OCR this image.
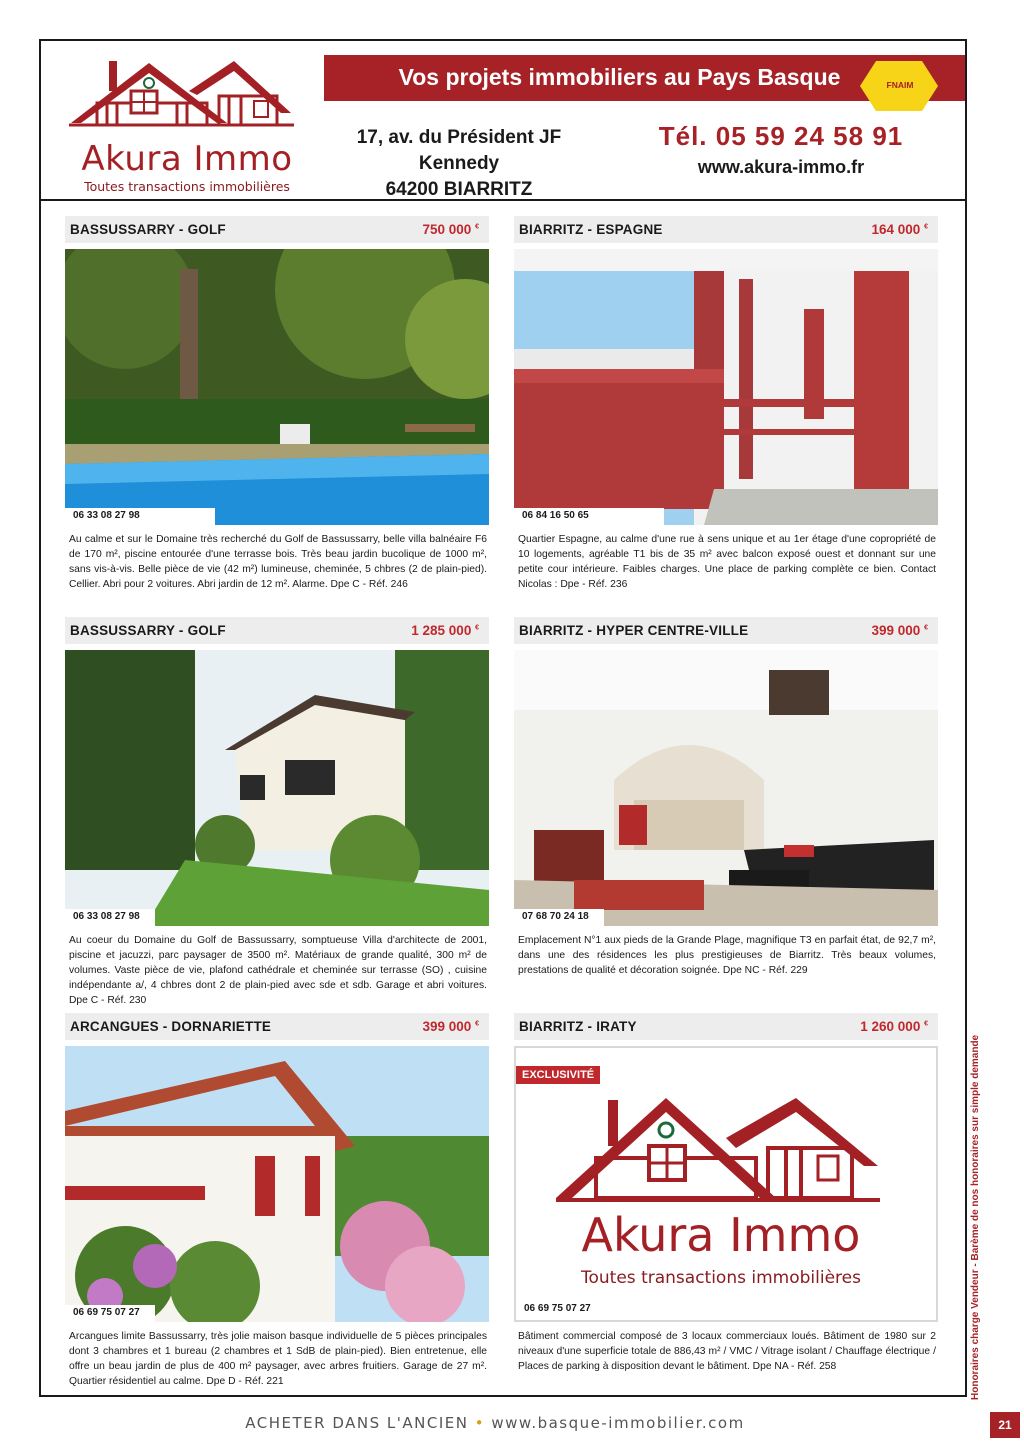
Akura Immo
Toutes transactions immobilières
Vos projets immobiliers au Pays Basque	FNAIM
17, av. du Président JF Kennedy
64200 BIARRITZ
Tél. 05 59 24 58 91
www.akura-immo.fr
BASSUSSARRY - GOLF	750 000 €
06 33 08 27 98
Au calme et sur le Domaine très recherché du Golf de Bassussarry, belle villa balnéaire F6 de 170 m², piscine entourée d'une terrasse bois. Très beau jardin bucolique de 1000 m², sans vis-à-vis. Belle pièce de vie (42 m²) lumineuse, cheminée, 5 chbres (2 de plain-pied). Cellier. Abri pour 2 voitures. Abri jardin de 12 m². Alarme. Dpe C - Réf. 246
BIARRITZ - ESPAGNE	164 000 €
06 84 16 50 65
Quartier Espagne, au calme d'une rue à sens unique et au 1er étage d'une copropriété de 10 logements, agréable T1 bis de 35 m² avec balcon exposé ouest et donnant sur une petite cour intérieure. Faibles charges. Une place de parking complète ce bien. Contact Nicolas : Dpe - Réf. 236
BASSUSSARRY - GOLF	1 285 000 €
06 33 08 27 98
Au coeur du Domaine du Golf de Bassussarry, somptueuse Villa d'architecte de 2001, piscine et jacuzzi, parc paysager de 3500 m². Matériaux de grande qualité, 300 m² de volumes. Vaste pièce de vie, plafond cathédrale et cheminée sur terrasse (SO) , cuisine indépendante a/, 4 chbres dont 2 de plain-pied avec sde et sdb. Garage et abri voitures. Dpe C - Réf. 230
BIARRITZ - HYPER CENTRE-VILLE	399 000 €
07 68 70 24 18
Emplacement N°1 aux pieds de la Grande Plage, magnifique T3 en parfait état, de 92,7 m², dans une des résidences les plus prestigieuses de Biarritz. Très beaux volumes, prestations de qualité et décoration soignée. Dpe NC - Réf. 229
ARCANGUES - DORNARIETTE	399 000 €
06 69 75 07 27
Arcangues limite Bassussarry, très jolie maison basque individuelle de 5 pièces principales dont 3 chambres et 1 bureau (2 chambres et 1 SdB de plain-pied). Bien entretenue, elle offre un beau jardin de plus de 400 m² paysager, avec arbres fruitiers. Garage de 27 m². Quartier résidentiel au calme. Dpe D - Réf. 221
BIARRITZ - IRATY	1 260 000 €
EXCLUSIVITÉ
Akura Immo
Toutes transactions immobilières
06 69 75 07 27
Bâtiment commercial composé de 3 locaux commerciaux loués. Bâtiment de 1980 sur 2 niveaux d'une superficie totale de 886,43 m² / VMC / Vitrage isolant / Chauffage électrique / Places de parking à disposition devant le bâtiment. Dpe NA - Réf. 258	Honoraires charge Vendeur - Barème de nos honoraires sur simple demande
ACHETER DANS L'ANCIEN • www.basque-immobilier.com	21
